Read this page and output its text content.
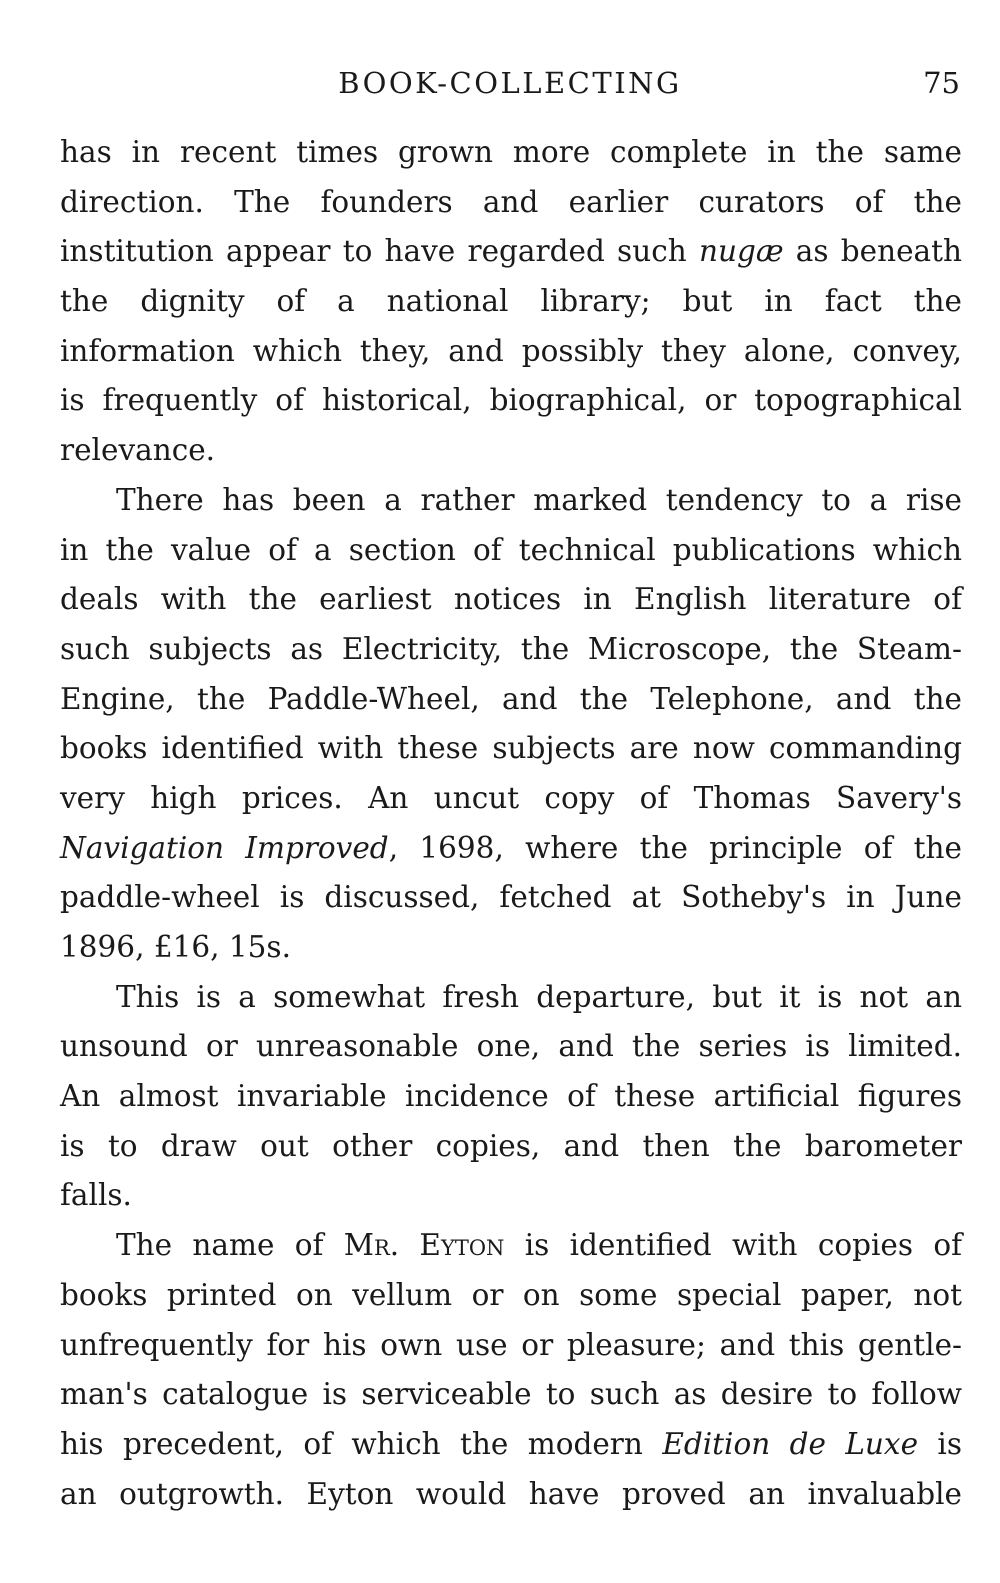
BOOK-COLLECTING	75
has in recent times grown more complete in the same
direction. The founders and earlier curators of the
institution appear to have regarded such nugæ as beneath
the dignity of a national library; but in fact the
information which they, and possibly they alone, convey,
is frequently of historical, biographical, or topographical
relevance.
There has been a rather marked tendency to a rise
in the value of a section of technical publications which
deals with the earliest notices in English literature of
such subjects as Electricity, the Microscope, the Steam-
Engine, the Paddle-Wheel, and the Telephone, and the
books identified with these subjects are now commanding
very high prices. An uncut copy of Thomas Savery's
Navigation Improved, 1698, where the principle of the
paddle-wheel is discussed, fetched at Sotheby's in June
1896, £16, 15s.
This is a somewhat fresh departure, but it is not an
unsound or unreasonable one, and the series is limited.
An almost invariable incidence of these artificial figures
is to draw out other copies, and then the barometer
falls.
The name of Mr. Eyton is identified with copies of
books printed on vellum or on some special paper, not
unfrequently for his own use or pleasure; and this gentle-
man's catalogue is serviceable to such as desire to follow
his precedent, of which the modern Edition de Luxe is
an outgrowth. Eyton would have proved an invaluable
